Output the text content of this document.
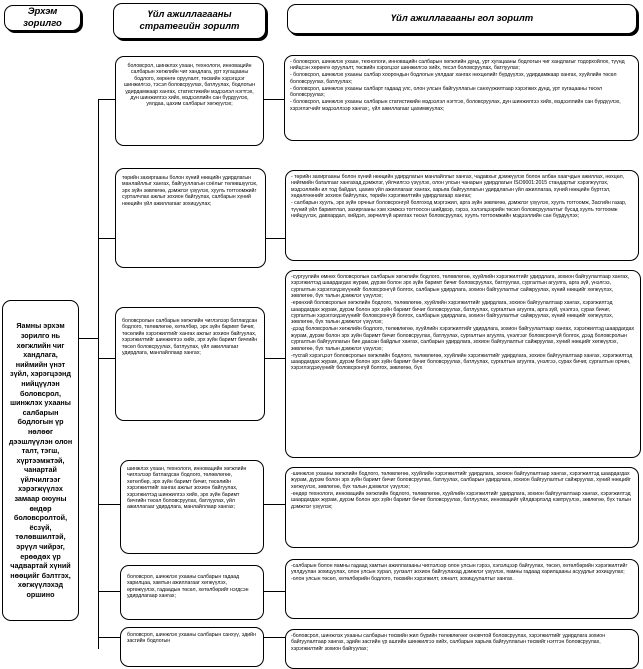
Эрхэм зорилго
Үйл ажиллагааны стратегийн зорилт
Үйл ажиллагааны гол зорилт
Яамны эрхэм зорилго нь хөгжлийн чиг хандлага, ниймийн үнэт зүйл, хэрэгцээнд нийцүүлэн боловсрол, шинжлэх ухааны салбарын бодлогын үр нөлөөг дээшлүүлэн олон талт, тэгш, хүртээмжтэй, чанартай үйлчилгээг хэрэгжүүлэх замаар оюуны өндөр боловсролтой, ёсзүй, төлөвшилтэй, эрүүл чийрэг, ерөөдөх үр чадвартай хүний нөөцийг бэлтгэх, хөгжүүлэхэд оршино
боловсрол, шинжлэх ухаан, технологи, инновацийн салбарын хөгжлийн чиг хандлага, урт хугацааны бодлого, хөрөнгө оруулалт, төсвийн хэрэгцээг шинжилгээ, тэсэл боловсруулах, батлуулах, бодлогын удирдамжаар хангах, статистикийн мэдээлэл нэгтгэх, дүн шинжилгээ хийх, мэдээллийн сан бүрдүүлэх, уялдаа, цахим салбарыг хөгжүүлэх;

- боловсрол, шинжлэх ухаан, технологи, инновацийн салбарын хөгжлийн дунд, урт хугацааны бодлогын чиг хандлагыг тодорхойлох, түүнд нийцсэн хөрөнгө оруулалт, төсвийн хэрэгцээг шинжилгээ хийх, тесэл боловсруулах, батлуулах;

- боловсрол, шинжлэх ухааны салбар хоорондын бодлогын уялдааг хангах нөхцөлийг бүрдүүлэх, удирдамжаар хангах, хууйлийн төсөл боловсруулах, батлуулах;

- боловсрол, шинжлэх ухааны салбарт гадаад улс, олон улсын байгууллагын санхүүжилтаар хэрэгжих дунд, урт хугацааны төсөл боловсруулах;

- боловсрол, шинжлэх ухааны салбарын статистикийн мэдээлэл нэгтгэх, боловсруулах, дүн шинжилгээ хийх, мэдээллийн сан бүрдүүлэх, хэрэглэгчийг мэдээллээр хангах;, үйл ажиллагааг цахимжуулах;

төрийн захиргааны болон хүний нөөцийн удирдлагын манлайллыг хангах, байгууллагын соёлыг төлөвшүүлэх, эрх зүйн зөвлөгөө, дэмжлэг үзүүлэх, хуулъ тогтоомжийг сурталчлах ажлыг зохион байгуулах, салбарын хүний нөөцийн үйл ажиллагааг зохицуулах;

- төрийн захиргааны болон хүний нөөцийн удирдлагын манлайллыг хангах, чадавхыг дэмжүүлэх болон албан хаагчдын ажиллах, нөхцөл, нийгмийн баталгааг хангахад дэмжлэг, үйлчилгээ үзүүлэх, олон улсын чанарын удирдлагын ISO9001:2015 стандартыг хэрэгжүүлэх, мэдээллийн ил тод байдал, цахим үйл ажиллагааг хангах, харьяа байгууллагын удирдлагын үйл ажиллагаа, хүний нөөцийн бүртгэл, хөдөлгөөнийг зохион байгуулах, төрийн хэрэгжилтийн удирдлагаар хангах;

- салбарын хуулъ, эрх зүйн орчныг боловсронгуй болгоход мэргэжил, арга зүйн зөвлөгөө, дэмжлэг үзүүлэх, хуулъ тогтоомж, Засгийн газар, түүний үйл баримтлал, захиргааны хэм хэмжээ тогтоосон шийдвэр, гэрээ, хэлэлцээрийн төсөл боловсруулалтыг бусад хуулъ тогтоомж нийцүүлэх, давхардал, хийдэл, зөрчилгүй арилгах төсөл боловсруулах, хуулъ тогтоомжийн мэдээллийн сан бүрдүүлэх;

боловсролын салбарын хөгжлийн чиглэлээр батлагдсан бодлого, төлөвлөгөө, хөтөлбөр, эрх зүйн баримт бичиг, төсөлийн хэрэгжилтийг хангах ажлыг зохион байгуулах, хэрэгжилтийг шинжилгээ хийх, эрх зүйн баримт бичгийн төсөл боловсруулах, батлуулах, үйл ажиллагааг удирдлага, манлайллаар хангах;

-сургуулийн өмнөх боловсролын салбарын хөгжлийн бодлого, төлөвлөгөө, хууйлийн хэрэгжилтийг удирдлага, зохион байгуулалтаар хангах, хэрэгжилтэд шаардагдах журам, дүрэм болон эрх зүйн баримт бичиг боловсруулах, батлуулах, сургалтын агуулга, арга зүй, үнэлгээ, сургалтын хэрэглэгдэхүүнийг боловсронгүй болгох, салбарын удирдлага, зохион байгуулалтыг сайжруулах, хүний нөөцийг хөгжүүлэх, зөвлөгөө, бүх талын дэмжлэг үзүүлэх;

-ерөнхий боловсролын хөгжлийн бодлого, төлөвлөгөө, хууйлийн хэрэгжилтийг удирдлага, зохион байгуулалтаар хангах, хэрэгжилтэд шаардагдах журам, дүрэм болон эрх зүйн баримт бичиг боловсруулах, батлуулах, сургалтын агуулга, арга зүй, үнэлгээ, сурах бичиг, сургалтын хэрэглэгдэхүүнийг боловсронгуй болгох, салбарын удирдлага, зохион байгуулалтыг сайжруулах, хүний нөөцийг хөгжүүлэх, зөвлөгөө, бүх талын дэмжлэг үзүүлэх;

-дээд боловсролын хөгжлийн бодлого, төлөвлөгөө, хууйлийн хэрэгжилтийг удирдлага, зохион байгуулалтаар хангах, хэрэгжилтэд шаардагдах журам, дүрэм болон эрх зүйн баримт бичиг боловсруулах, батлуулах, сургалтын агуулга, үнэлгээг боловсронгүй болгох, дээд боловсролын сургалтын байгууллагын бие даасан байдлыг хангах, салбарын удирдлага, зохион байгуулалтыг сайжруулах, хүний нөөцийг хөгжүүлэх, зөвлөгөө, бүх талын дэмжлэг үзүүлэх;

-тусгай хэрэгцээт боловсролын хөгжлийн бодлого, төлөвлөгөө, хууйлийн хэрэгжилтийг удирдлага, зохион байгуулалтаар хангах, хэрэгжилтэд шаардагдах журам, дүрэм болон эрх зүйн баримт бичиг боловсруулах, батлуулах, сургалтын агуулга, үнэлгээ, сурах бичиг, сургалтын орчин, хэрэглэгдэхүүнийг боловсронгүй болгох, зөвлөгөө, бүх

шинжлэх ухаан, технологи, инновацийн хөгжлийн чиглэлээр батлагдсан бодлого, төлөвлөгөө, хөтөлбөр, эрх зүйн баримт бичиг, төсөлийн хэрэгжилтийг хангах ажлыг зохион байгуулах, хэрэгжилтэд шинжилгээ хийх, эрх зүйн баримт бичгийн төсөл боловсруулах, батлуулах, үйл ажиллагааг удирдлага, манлайллаар хангах;

-шинжлэх ухааны хөгжлийн бодлого, төлөвлөгөө, хууйлийн хэрэгжилтийг удирдлага, зохион байгуулалтаар хангах, хэрэгжилтэд шаардагдах журам, дүрэм болон эрх зүйн баримт бичиг боловсруулах, батлуулах, салбарын удирдлага, зохион байгуулалтыг сайжруулах, хүний нөөцийг хөгжүүлэх, зөвлөгөө, бүх талын дэмжлэг үзүүлэх;

-өндөр технологи, инновацийн хөгжлийн бодлого, төлөвлөгөө, хууйлийн хэрэгжилтийг удирдлага, зохион байгуулалтаар хангах, хэрэгжилтэд шаардагдах журам, дүрэм болон эрх зүйн баримт бичиг боловсруулах, батлуулах, инновацийг үйлдвэрлэлд нэвтрүүлэх, зөвлөгөө, бүх талын дэмжлэг үзүүлэх;

боловсрол, шинжлэх ухааны салбарын гадаад харилцаа, хамтын ажиллагааг хөгжүүлэх, өргөжүүлэх, гадаадын төсөл, хөтөлбөрийг нэгдсэн удирдлагаар хангах;

-салбарын болон яамны гадаад хамтын ажиллагааны чиглэлээр олон улсын гэрээ, хэлэлцээр байгуулах, төсөл, хөтөлбөрийн хэрэгжилтийг уялдуулан зохицуулах, олон улсын хурал, уулзалт зохион байгуулахад дэмжлэг үзүүлэх, яамны гадаад харилцааны асуудлыг зохицуулах;

-олон улсын төсөл, хөтөлбөрийн бодлого, төсвийн хэрэгжилт, хяналт, зохицуулалтыг хангах.

боловсрол, шинжлэх ухааны салбарын санхүү, эдийн засгийн бодлогын

-боловсрол, шинжлэх ухааны салбарын төсвийн жил бүрийн төлөвлөгөөг оновчтой боловсруулах, хэрэгжилтийг удирдлага зохион байгуулалтаар хангах, эдийн засгийн үр ашгийн шинжилгээ хийх, салбарын харьяа байгууллагын төсвийг нэгтгэн боловсруулах, хэрэгжилтийг зохион байгуулах;
